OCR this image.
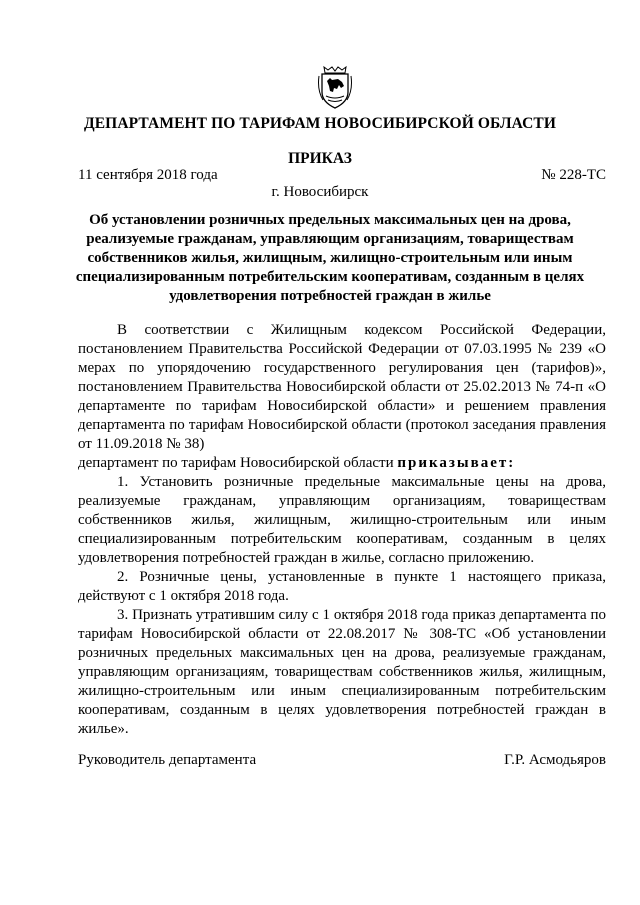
ДЕПАРТАМЕНТ ПО ТАРИФАМ НОВОСИБИРСКОЙ ОБЛАСТИ
ПРИКАЗ
11 сентября 2018 года	№ 228-ТС
г. Новосибирск
Об установлении розничных предельных максимальных цен на дрова, реализуемые гражданам, управляющим организациям, товариществам собственников жилья, жилищным, жилищно-строительным или иным специализированным потребительским кооперативам, созданным в целях удовлетворения потребностей граждан в жилье

В соответствии с Жилищным кодексом Российской Федерации, постановлением Правительства Российской Федерации от 07.03.1995 № 239 «О мерах по упорядочению государственного регулирования цен (тарифов)», постановлением Правительства Новосибирской области от 25.02.2013 № 74-п «О департаменте по тарифам Новосибирской области» и решением правления департамента по тарифам Новосибирской области (протокол заседания правления от 11.09.2018 № 38)

департамент по тарифам Новосибирской области приказывает:

1. Установить розничные предельные максимальные цены на дрова, реализуемые гражданам, управляющим организациям, товариществам собственников жилья, жилищным, жилищно-строительным или иным специализированным потребительским кооперативам, созданным в целях удовлетворения потребностей граждан в жилье, согласно приложению.

2. Розничные цены, установленные в пункте 1 настоящего приказа, действуют с 1 октября 2018 года.

3. Признать утратившим силу с 1 октября 2018 года приказ департамента по тарифам Новосибирской области от 22.08.2017 № 308-ТС «Об установлении розничных предельных максимальных цен на дрова, реализуемые гражданам, управляющим организациям, товариществам собственников жилья, жилищным, жилищно-строительным или иным специализированным потребительским кооперативам, созданным в целях удовлетворения потребностей граждан в жилье».

Руководитель департамента	Г.Р. Асмодьяров
